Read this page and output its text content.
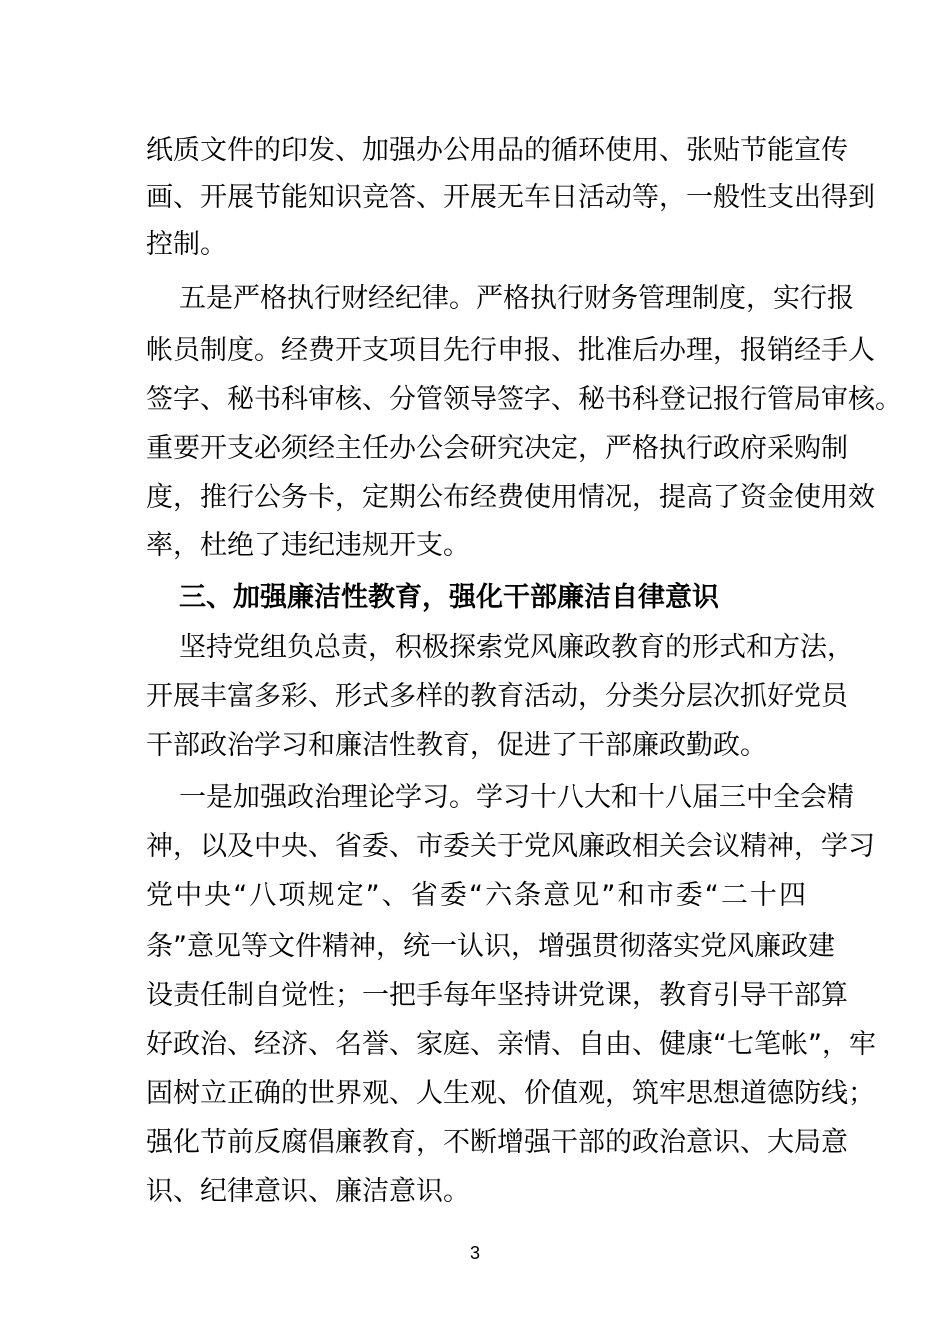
纸质文件的印发、加强办公用品的循环使用、张贴节能宣传
画、开展节能知识竞答、开展无车日活动等，一般性支出得到
控制。
五是严格执行财经纪律。严格执行财务管理制度，实行报
帐员制度。经费开支项目先行申报、批准后办理，报销经手人
签字、秘书科审核、分管领导签字、秘书科登记报行管局审核。
重要开支必须经主任办公会研究决定，严格执行政府采购制
度，推行公务卡，定期公布经费使用情况，提高了资金使用效
率，杜绝了违纪违规开支。
三、加强廉洁性教育，强化干部廉洁自律意识
坚持党组负总责，积极探索党风廉政教育的形式和方法，
开展丰富多彩、形式多样的教育活动，分类分层次抓好党员
干部政治学习和廉洁性教育，促进了干部廉政勤政。
一是加强政治理论学习。学习十八大和十八届三中全会精
神，以及中央、省委、市委关于党风廉政相关会议精神，学习
党中央“八项规定”、省委“六条意见”和市委“二十四
条”意见等文件精神，统一认识，增强贯彻落实党风廉政建
设责任制自觉性；一把手每年坚持讲党课，教育引导干部算
好政治、经济、名誉、家庭、亲情、自由、健康“七笔帐”，牢
固树立正确的世界观、人生观、价值观，筑牢思想道德防线；
强化节前反腐倡廉教育，不断增强干部的政治意识、大局意
识、纪律意识、廉洁意识。
3
